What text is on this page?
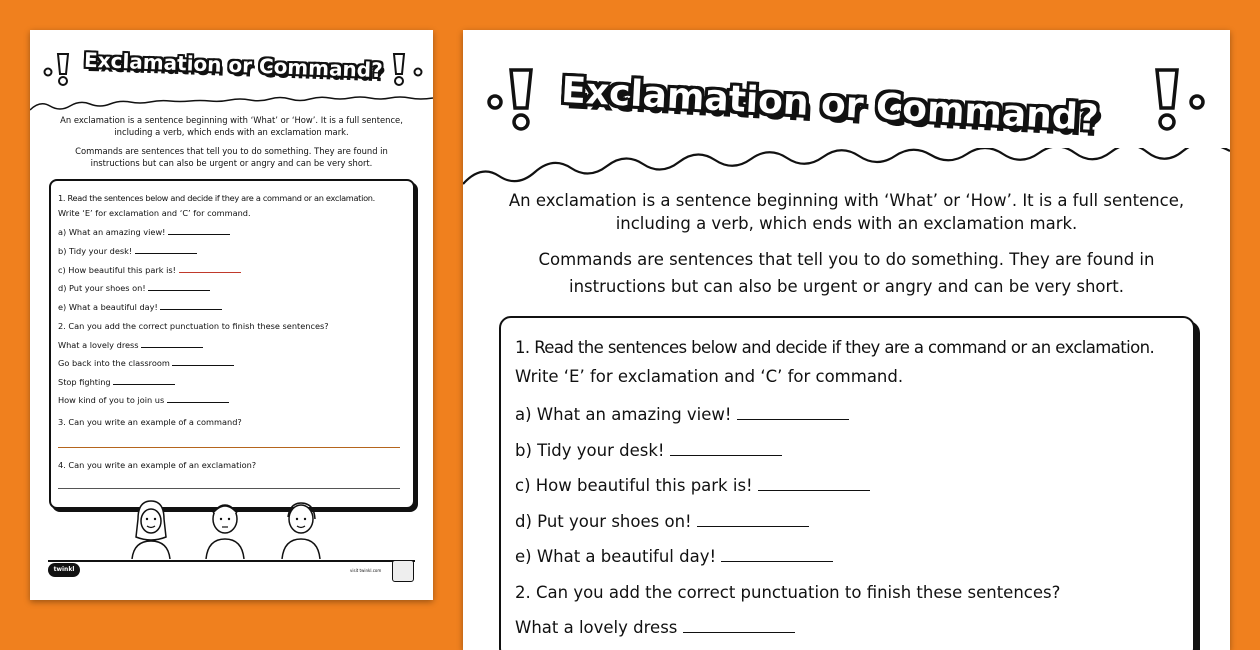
Exclamation or Command?
An exclamation is a sentence beginning with ‘What’ or ‘How’. It is a full sentence,
including a verb, which ends with an exclamation mark.
Commands are sentences that tell you to do something. They are found in
instructions but can also be urgent or angry and can be very short.
1. Read the sentences below and decide if they are a command or an exclamation.
Write ‘E’ for exclamation and ‘C’ for command.
a) What an amazing view!
b) Tidy your desk!
c) How beautiful this park is!
d) Put your shoes on!
e) What a beautiful day!
2. Can you add the correct punctuation to finish these sentences?
What a lovely dress
Go back into the classroom
Stop fighting
How kind of you to join us
3. Can you write an example of a command?
4. Can you write an example of an exclamation?
twinkl	visit twinkl.com
Exclamation or Command?
An exclamation is a sentence beginning with ‘What’ or ‘How’. It is a full sentence,
including a verb, which ends with an exclamation mark.
Commands are sentences that tell you to do something. They are found in
instructions but can also be urgent or angry and can be very short.
1. Read the sentences below and decide if they are a command or an exclamation.
Write ‘E’ for exclamation and ‘C’ for command.
a) What an amazing view!
b) Tidy your desk!
c) How beautiful this park is!
d) Put your shoes on!
e) What a beautiful day!
2. Can you add the correct punctuation to finish these sentences?
What a lovely dress
